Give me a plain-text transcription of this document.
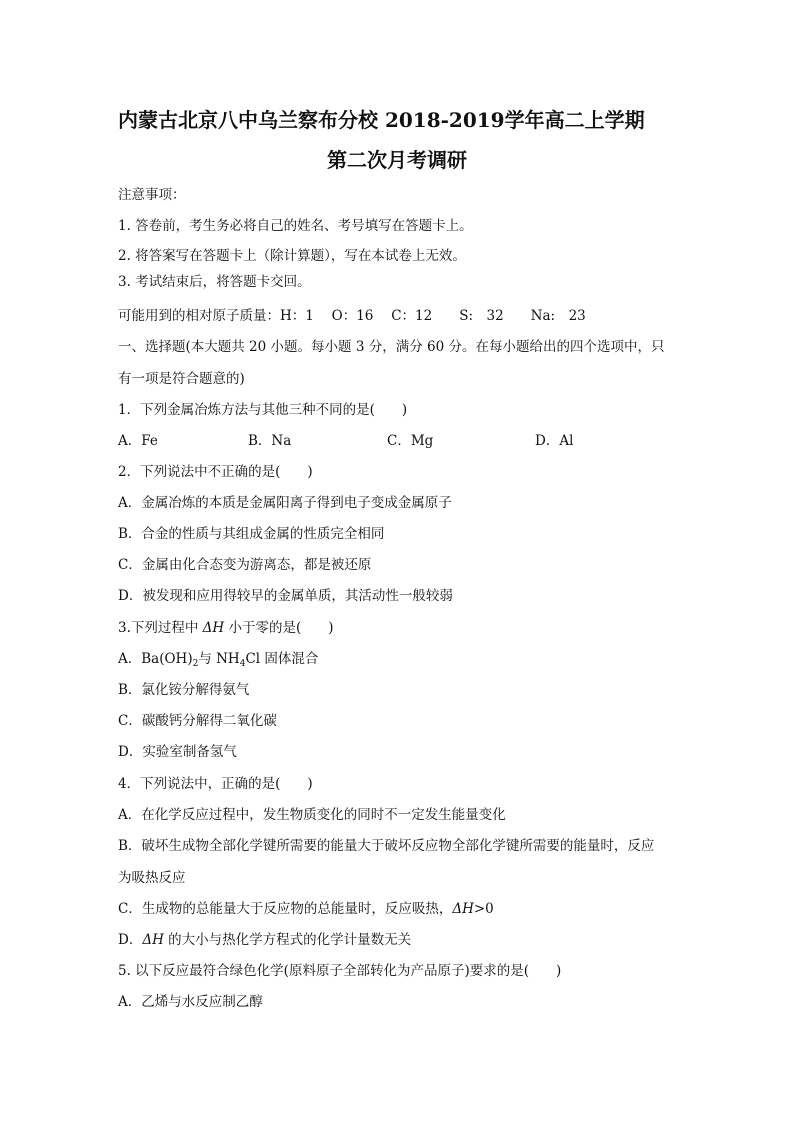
内蒙古北京八中乌兰察布分校 2018-2019学年高二上学期
第二次月考调研
注意事项：
1. 答卷前，考生务必将自己的姓名、考号填写在答题卡上。
2. 将答案写在答题卡上（除计算题），写在本试卷上无效。
3. 考试结束后，将答题卡交回。
可能用到的相对原子质量：H：1　 O：16　 C：12　　S:　32　　Na:　23
一、选择题(本大题共 20 小题。每小题 3 分，满分 60 分。在每小题给出的四个选项中，只
有一项是符合题意的)
1．下列金属冶炼方法与其他三种不同的是(　　)
A．Fe	B．Na	C．Mg	D．Al
2．下列说法中不正确的是(　　)
A．金属冶炼的本质是金属阳离子得到电子变成金属原子
B．合金的性质与其组成金属的性质完全相同
C．金属由化合态变为游离态，都是被还原
D．被发现和应用得较早的金属单质，其活动性一般较弱
3.下列过程中 ΔH 小于零的是(　　)
A．$Ba(OH)_2$与 $NH_4Cl$ 固体混合
B．氯化铵分解得氨气
C．碳酸钙分解得二氧化碳
D．实验室制备氢气
4．下列说法中，正确的是(　　)
A．在化学反应过程中，发生物质变化的同时不一定发生能量变化
B．破坏生成物全部化学键所需要的能量大于破坏反应物全部化学键所需要的能量时，反应
为吸热反应
C．生成物的总能量大于反应物的总能量时，反应吸热，ΔH>0
D．ΔH 的大小与热化学方程式的化学计量数无关
5. 以下反应最符合绿色化学(原料原子全部转化为产品原子)要求的是(　　)
A．乙烯与水反应制乙醇
